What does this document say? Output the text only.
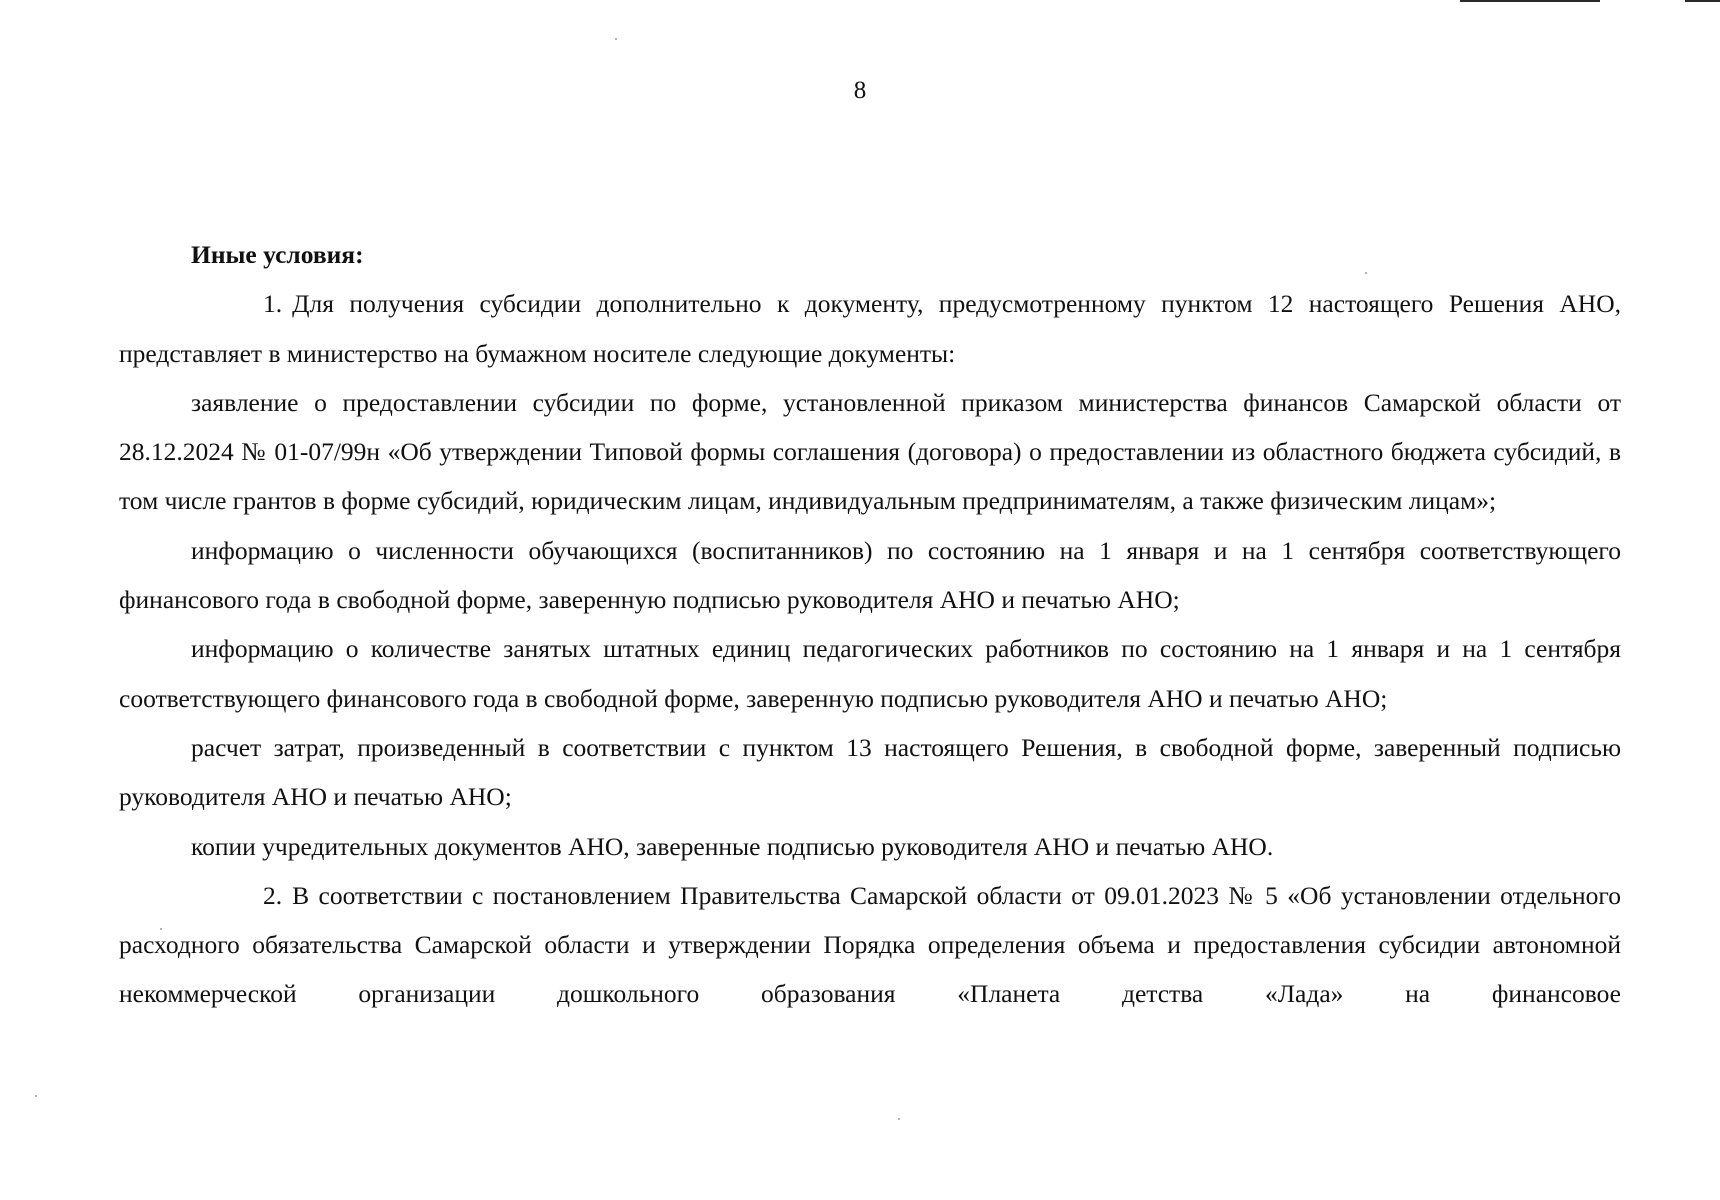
8

Иные условия:

1. Для получения субсидии дополнительно к документу, предусмотренному пунктом 12 настоящего Решения АНО, представляет в министерство на бумажном носителе следующие документы:

заявление о предоставлении субсидии по форме, установленной приказом министерства финансов Самарской области от 28.12.2024 № 01-07/99н «Об утверждении Типовой формы соглашения (договора) о предоставлении из областного бюджета субсидий, в том числе грантов в форме субсидий, юридическим лицам, индивидуальным предпринимателям, а также физическим лицам»;

информацию о численности обучающихся (воспитанников) по состоянию на 1 января и на 1 сентября соответствующего финансового года в свободной форме, заверенную подписью руководителя АНО и печатью АНО;

информацию о количестве занятых штатных единиц педагогических работников по состоянию на 1 января и на 1 сентября соответствующего финансового года в свободной форме, заверенную подписью руководителя АНО и печатью АНО;

расчет затрат, произведенный в соответствии с пунктом 13 настоящего Решения, в свободной форме, заверенный подписью руководителя АНО и печатью АНО;

копии учредительных документов АНО, заверенные подписью руководителя АНО и печатью АНО.

2. В соответствии с постановлением Правительства Самарской области от 09.01.2023 № 5 «Об установлении отдельного расходного обязательства Самарской области и утверждении Порядка определения объема и предоставления субсидии автономной некоммерческой организации дошкольного образования «Планета детства «Лада» на финансовое
